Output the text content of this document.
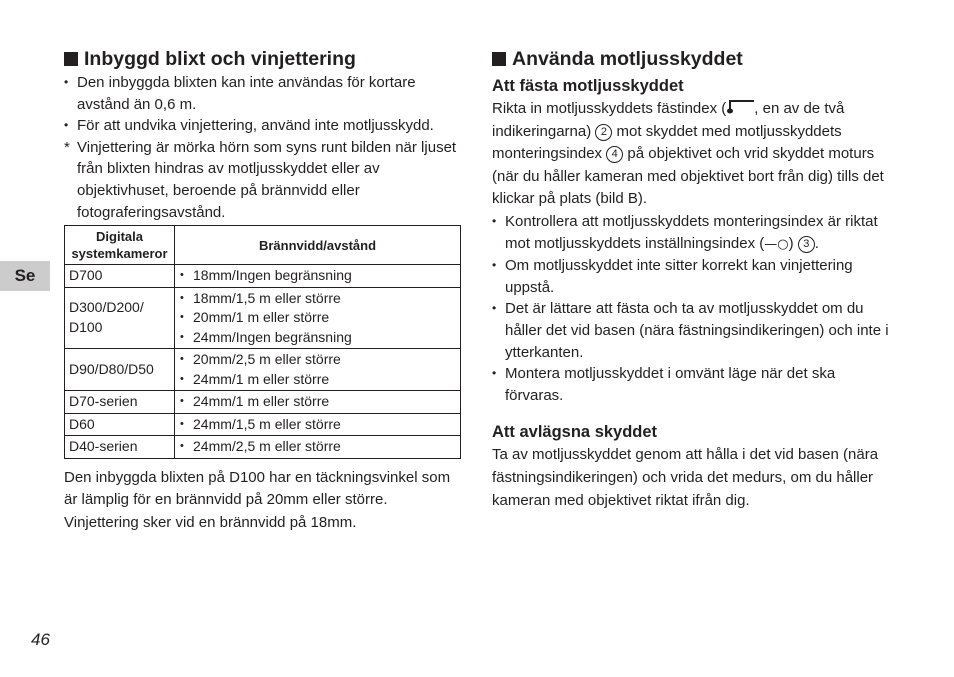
Se
Inbyggd blixt och vinjettering
• Den inbyggda blixten kan inte användas för kortare avstånd än 0,6 m.
• För att undvika vinjettering, använd inte motljusskydd.
* Vinjettering är mörka hörn som syns runt bilden när ljuset från blixten hindras av motljusskyddet eller av objektivhuset, beroende på brännvidd eller fotograferingsavstånd.
Digitala systemkameror	Brännvidd/avstånd
D700	• 18mm/Ingen begränsning

D300/D200/ D100	• 18mm/1,5 m eller större
• 20mm/1 m eller större
• 24mm/Ingen begränsning

D90/D80/D50	• 20mm/2,5 m eller större
• 24mm/1 m eller större

D70-serien	• 24mm/1 m eller större

D60	• 24mm/1,5 m eller större

D40-serien	• 24mm/2,5 m eller större

Den inbyggda blixten på D100 har en täckningsvinkel som är lämplig för en brännvidd på 20mm eller större. Vinjettering sker vid en brännvidd på 18mm.

Använda motljusskyddet
Att fästa motljusskyddet

Rikta in motljusskyddets fästindex ( , en av de två indikeringarna) 2 mot skyddet med motljusskyddets monteringsindex 4 på objektivet och vrid skyddet moturs (när du håller kameran med objektivet bort från dig) tills det klickar på plats (bild B).

• Kontrollera att motljusskyddets monteringsindex är riktat mot motljusskyddets inställningsindex (—○) 3 .
• Om motljusskyddet inte sitter korrekt kan vinjettering uppstå.
• Det är lättare att fästa och ta av motljusskyddet om du håller det vid basen (nära fästningsindikeringen) och inte i ytterkanten.
• Montera motljusskyddet i omvänt läge när det ska förvaras.
Att avlägsna skyddet

Ta av motljusskyddet genom att hålla i det vid basen (nära fästningsindikeringen) och vrida det medurs, om du håller kameran med objektivet riktat ifrån dig.

46
